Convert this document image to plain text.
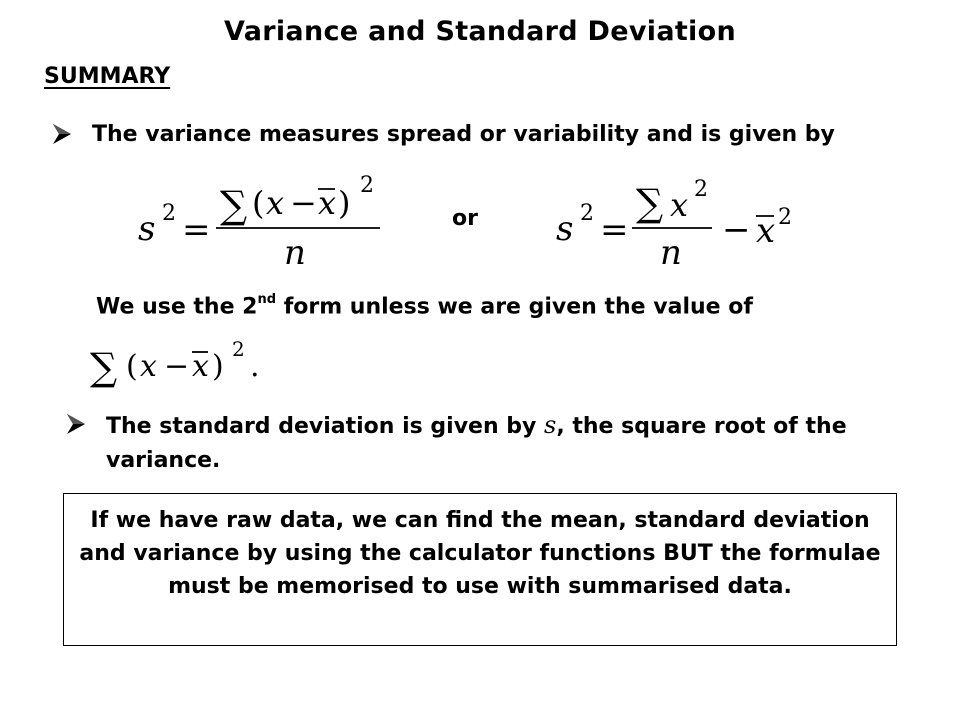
Variance and Standard Deviation
SUMMARY
The variance measures spread or variability and is given by
s 2 =
∑ ( x − x ) 2
n
or s 2 =
∑ x 2
n
− x 2
We use the 2nd form unless we are given the value of
∑ ( x − x ) 2 .
The standard deviation is given by s, the square root of the variance.
If we have raw data, we can find the mean, standard deviation and variance by using the calculator functions BUT the formulae must be memorised to use with summarised data.
